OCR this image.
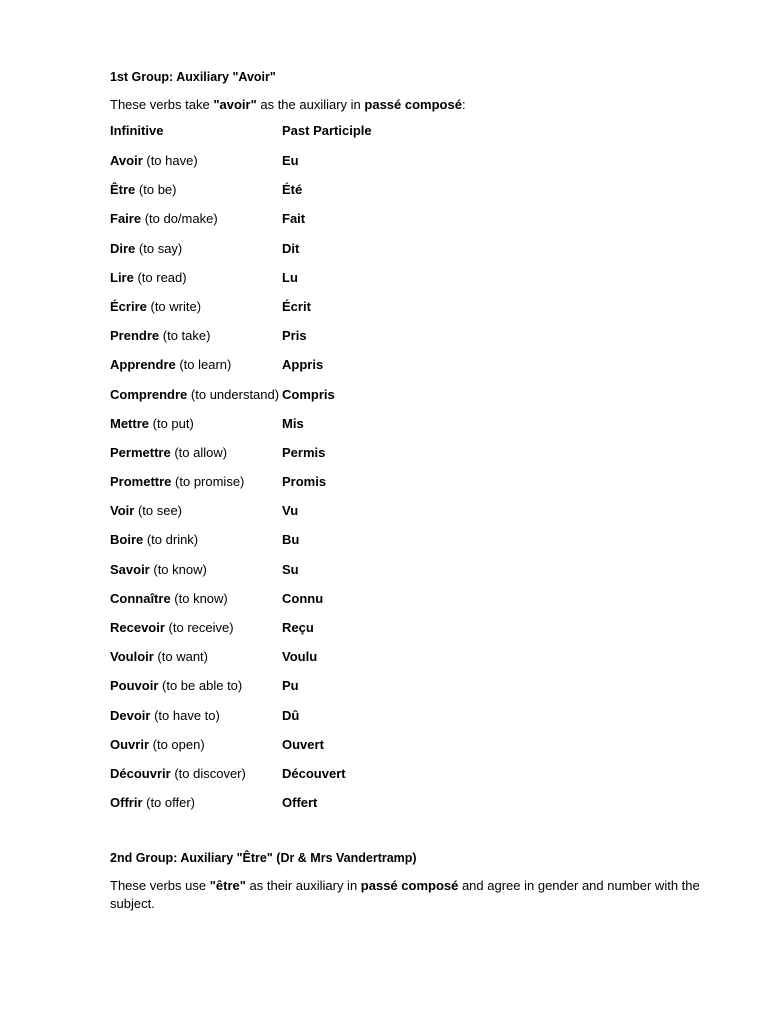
1st Group: Auxiliary "Avoir"

These verbs take "avoir" as the auxiliary in passé composé:

Infinitive	Past Participle
Avoir (to have)	Eu
Être (to be)	Été
Faire (to do/make)	Fait
Dire (to say)	Dit
Lire (to read)	Lu
Écrire (to write)	Écrit
Prendre (to take)	Pris
Apprendre (to learn)	Appris
Comprendre (to understand) Compris
Mettre (to put)	Mis
Permettre (to allow)	Permis
Promettre (to promise)	Promis
Voir (to see)	Vu
Boire (to drink)	Bu
Savoir (to know)	Su
Connaître (to know)	Connu
Recevoir (to receive)	Reçu
Vouloir (to want)	Voulu
Pouvoir (to be able to)	Pu
Devoir (to have to)	Dû
Ouvrir (to open)	Ouvert
Découvrir (to discover)	Découvert
Offrir (to offer)	Offert

2nd Group: Auxiliary "Être" (Dr & Mrs Vandertramp)

These verbs use "être" as their auxiliary in passé composé and agree in gender and number with the subject.
